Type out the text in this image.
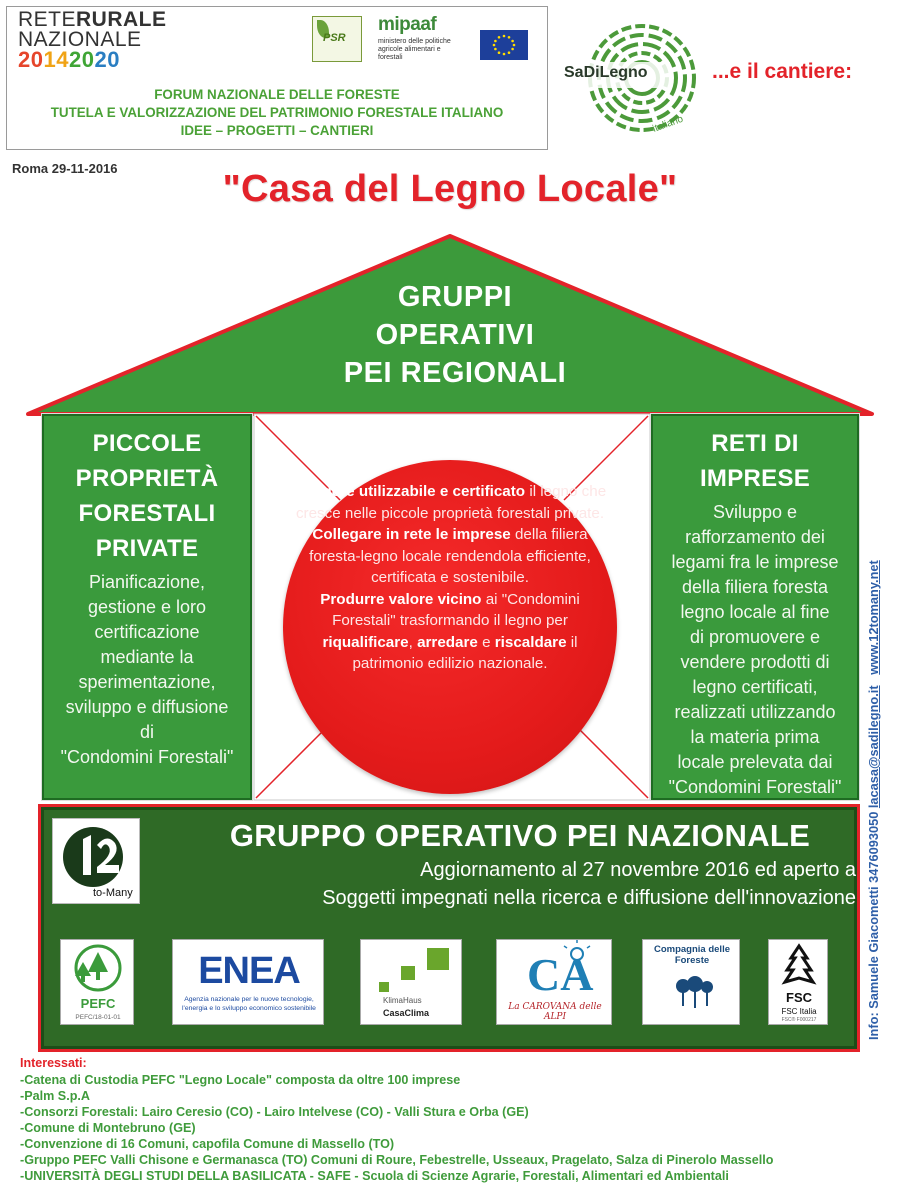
RETERURALE
NAZIONALE
20142020
PSR
mipaaf
ministero delle politiche agricole alimentari e forestali
FORUM NAZIONALE DELLE FORESTE
TUTELA E VALORIZZAZIONE DEL PATRIMONIO FORESTALE ITALIANO
IDEE – PROGETTI – CANTIERI	italiano
SaDiLegno	...e il cantiere:
Roma 29-11-2016	"Casa del Legno Locale"
GRUPPI
OPERATIVI
PEI REGIONALI
PICCOLE
PROPRIETÀ
FORESTALI
PRIVATE

Pianificazione,
gestione e loro
certificazione
mediante la
sperimentazione,
sviluppo e diffusione
di
"Condomini Forestali"

RETI DI
IMPRESE

Sviluppo e
rafforzamento dei
legami fra le imprese
della filiera foresta
legno locale al fine
di promuovere e
vendere prodotti di
legno certificati,
realizzati utilizzando
la materia prima
locale prelevata dai
"Condomini Forestali"

Rendere utilizzabile e certificato il legno che cresce nelle piccole proprietà forestali private.
Collegare in rete le imprese della filiera foresta-legno locale rendendola efficiente, certificata e sostenibile.
Produrre valore vicino ai "Condomini Forestali" trasformando il legno per riqualificare, arredare e riscaldare il patrimonio edilizio nazionale.
to-Many
GRUPPO OPERATIVO PEI NAZIONALE
Aggiornamento al 27 novembre 2016 ed aperto a
Soggetti impegnati nella ricerca e diffusione dell'innovazione
PEFC
PEFC/18-01-01
ENEA
Agenzia nazionale per le nuove tecnologie, l'energia e lo sviluppo economico sostenibile
KlimaHaus
CasaClima
CA
La CAROVANA delle ALPI
Compagnia delle Foreste
FSC
FSC Italia
FSC® F000217	Info: Samuele Giacometti 3476093050 lacasa@sadilegno.it   www.12tomany.net
Interessati:
-Catena di Custodia PEFC "Legno Locale" composta da oltre 100 imprese
-Palm S.p.A
-Consorzi Forestali: Lairo Ceresio (CO) - Lairo Intelvese (CO) - Valli Stura e Orba (GE)
-Comune di Montebruno (GE)
-Convenzione di 16 Comuni, capofila Comune di Massello (TO)
-Gruppo PEFC Valli Chisone e Germanasca (TO) Comuni di Roure, Febestrelle, Usseaux, Pragelato, Salza di Pinerolo Massello
-UNIVERSITÀ DEGLI STUDI DELLA BASILICATA - SAFE - Scuola di Scienze Agrarie, Forestali, Alimentari ed Ambientali
